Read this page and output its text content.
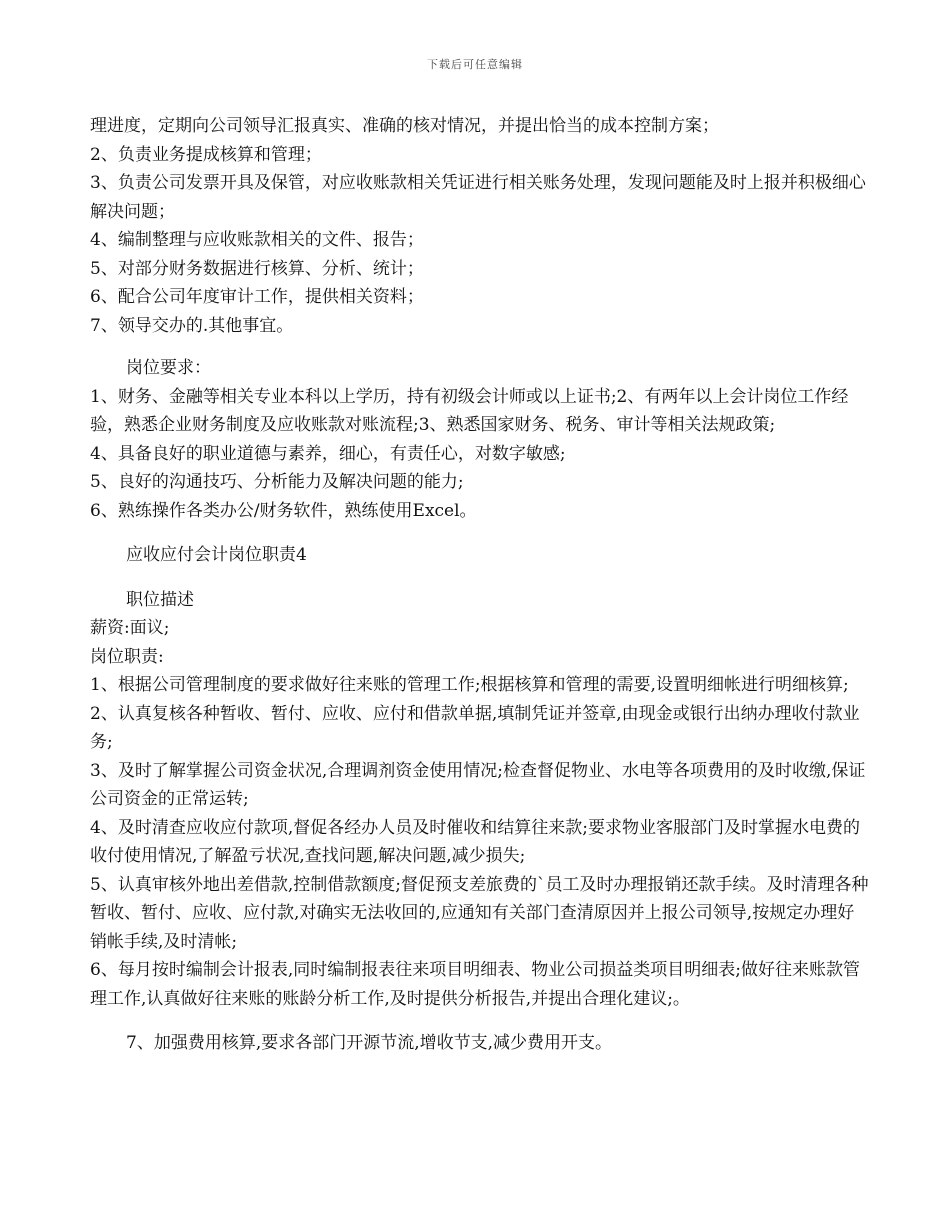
下载后可任意编辑

理进度，定期向公司领导汇报真实、准确的核对情况，并提出恰当的成本控制方案；

2、负责业务提成核算和管理；

3、负责公司发票开具及保管，对应收账款相关凭证进行相关账务处理，发现问题能及时上报并积极细心解决问题；

4、编制整理与应收账款相关的文件、报告；

5、对部分财务数据进行核算、分析、统计；

6、配合公司年度审计工作，提供相关资料；

7、领导交办的.其他事宜。

岗位要求：

1、财务、金融等相关专业本科以上学历，持有初级会计师或以上证书;2、有两年以上会计岗位工作经验，熟悉企业财务制度及应收账款对账流程;3、熟悉国家财务、税务、审计等相关法规政策;

4、具备良好的职业道德与素养，细心，有责任心，对数字敏感;

5、良好的沟通技巧、分析能力及解决问题的能力;

6、熟练操作各类办公/财务软件，熟练使用Excel。

应收应付会计岗位职责4

职位描述

薪资:面议;

岗位职责:

1、根据公司管理制度的要求做好往来账的管理工作;根据核算和管理的需要,设置明细帐进行明细核算;

2、认真复核各种暂收、暂付、应收、应付和借款单据,填制凭证并签章,由现金或银行出纳办理收付款业务;

3、及时了解掌握公司资金状况,合理调剂资金使用情况;检查督促物业、水电等各项费用的及时收缴,保证公司资金的正常运转;

4、及时清查应收应付款项,督促各经办人员及时催收和结算往来款;要求物业客服部门及时掌握水电费的收付使用情况,了解盈亏状况,查找问题,解决问题,减少损失;

5、认真审核外地出差借款,控制借款额度;督促预支差旅费的`员工及时办理报销还款手续。及时清理各种暂收、暂付、应收、应付款,对确实无法收回的,应通知有关部门查清原因并上报公司领导,按规定办理好销帐手续,及时清帐;

6、每月按时编制会计报表,同时编制报表往来项目明细表、物业公司损益类项目明细表;做好往来账款管理工作,认真做好往来账的账龄分析工作,及时提供分析报告,并提出合理化建议;。

7、加强费用核算,要求各部门开源节流,增收节支,减少费用开支。
